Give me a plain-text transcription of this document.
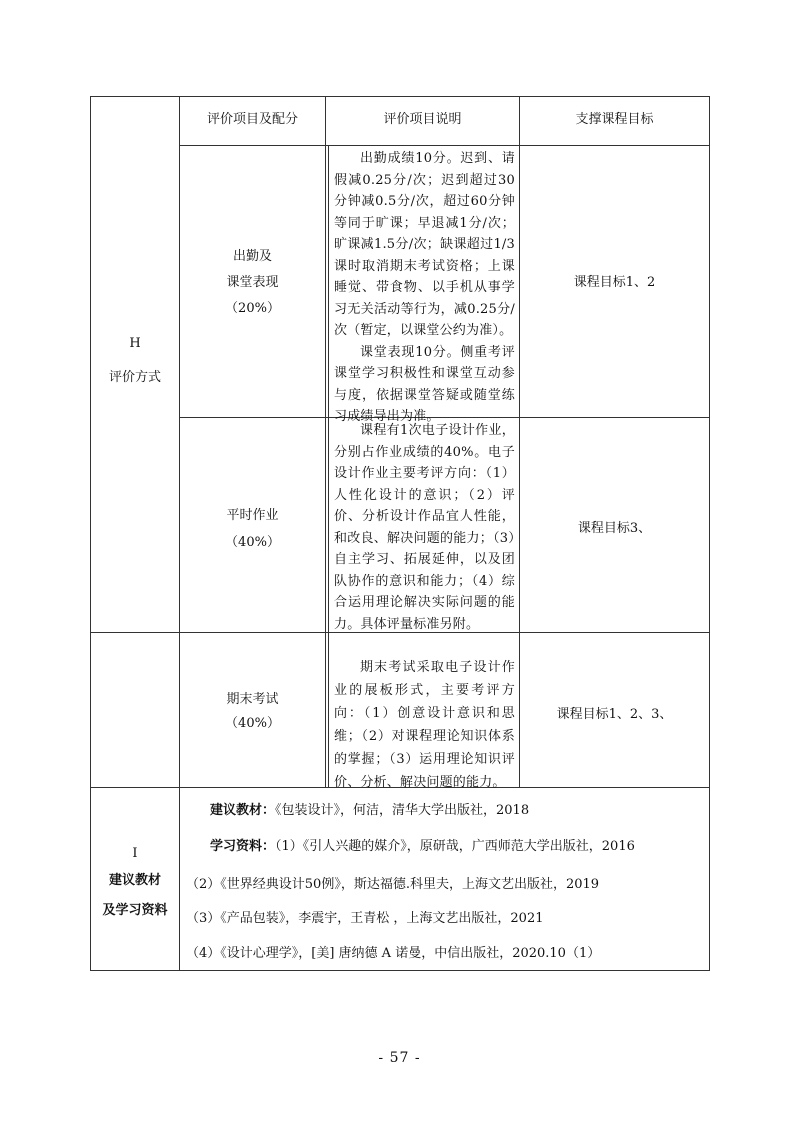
评价项目及配分	评价项目说明	支撑课程目标
H
评价方式
出勤及
课堂表现
（20%）

出勤成绩10分。迟到、请假减0.25分/次；迟到超过30分钟减0.5分/次，超过60分钟等同于旷课；早退减1分/次；旷课减1.5分/次；缺课超过1/3课时取消期末考试资格；上课睡觉、带食物、以手机从事学习无关活动等行为，减0.25分/次（暂定，以课堂公约为准）。

课堂表现10分。侧重考评课堂学习积极性和课堂互动参与度，依据课堂答疑或随堂练习成绩导出为准。

课程目标1、2
平时作业
（40%）

课程有1次电子设计作业，分别占作业成绩的40%。电子设计作业主要考评方向：（1）人性化设计的意识；（2）评价、分析设计作品宜人性能，和改良、解决问题的能力；（3）自主学习、拓展延伸，以及团队协作的意识和能力；（4）综合运用理论解决实际问题的能力。具体评量标准另附。

课程目标3、
期末考试
（40%）

期末考试采取电子设计作业的展板形式，主要考评方向：（1）创意设计意识和思维；（2）对课程理论知识体系的掌握；（3）运用理论知识评价、分析、解决问题的能力。

课程目标1、2、3、
I
建议教材
及学习资料
建议教材：《包装设计》，何洁，清华大学出版社，2018
学习资料：（1）《引人兴趣的媒介》，原研哉，广西师范大学出版社，2016
（2）《世界经典设计50例》，斯达福德.科里夫，上海文艺出版社，2019
（3）《产品包装》，李震宇，王青松 ，上海文艺出版社，2021
（4）《设计心理学》，[美] 唐纳德 A 诺曼，中信出版社，2020.10（1）
- 57 -
